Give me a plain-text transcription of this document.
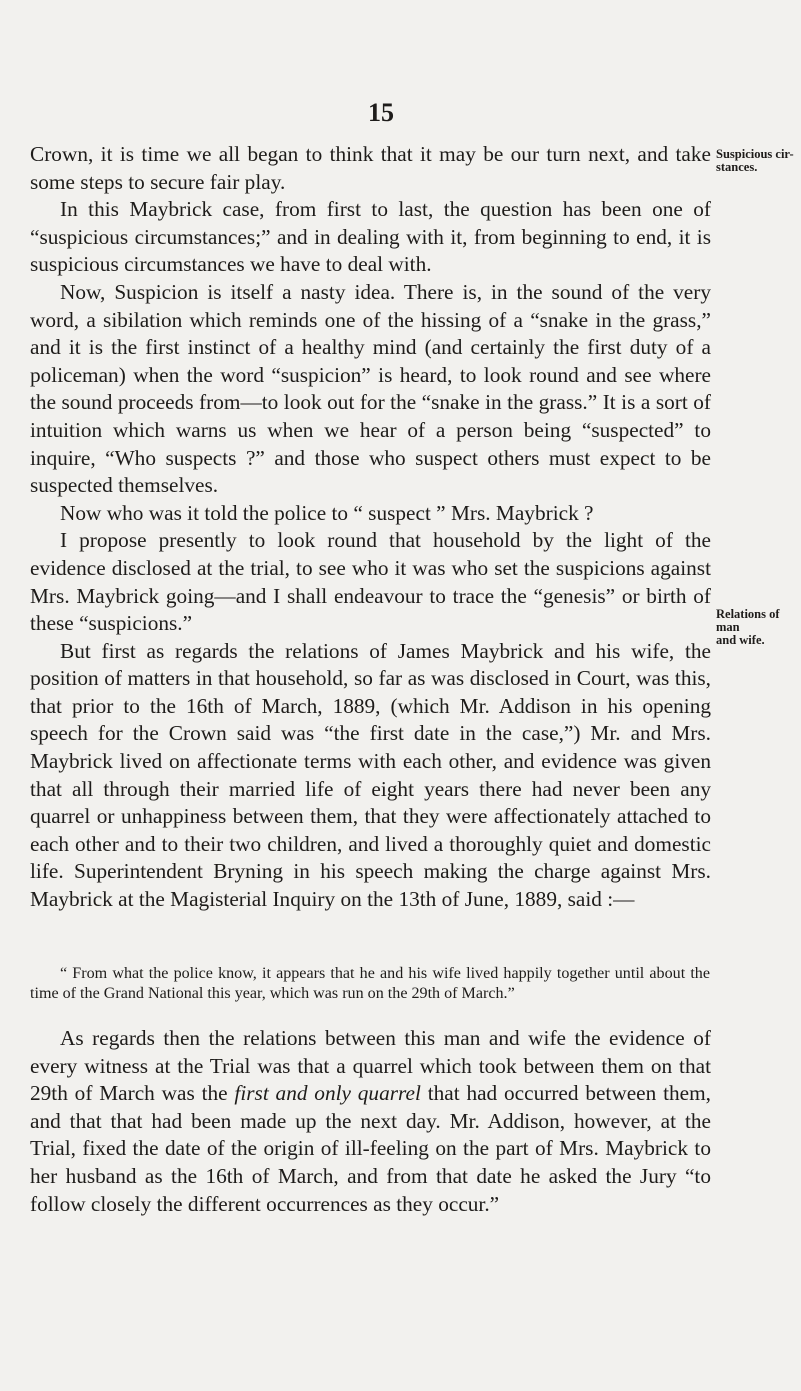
15
Suspicious cir-
stances.
Relations of man
and wife.

Crown, it is time we all began to think that it may be our turn next, and take some steps to secure fair play.

In this Maybrick case, from first to last, the question has been one of “suspicious circumstances;” and in dealing with it, from beginning to end, it is suspicious circumstances we have to deal with.

Now, Suspicion is itself a nasty idea. There is, in the sound of the very word, a sibilation which reminds one of the hissing of a “snake in the grass,” and it is the first instinct of a healthy mind (and certainly the first duty of a policeman) when the word “suspicion” is heard, to look round and see where the sound proceeds from—to look out for the “snake in the grass.” It is a sort of intuition which warns us when we hear of a person being “suspected” to inquire, “Who suspects ?” and those who suspect others must expect to be suspected themselves.

Now who was it told the police to “ suspect ” Mrs. Maybrick ?

I propose presently to look round that household by the light of the evidence disclosed at the trial, to see who it was who set the suspicions against Mrs. Maybrick going—and I shall endeavour to trace the “genesis” or birth of these “suspicions.”

But first as regards the relations of James Maybrick and his wife, the position of matters in that household, so far as was disclosed in Court, was this, that prior to the 16th of March, 1889, (which Mr. Addison in his opening speech for the Crown said was “the first date in the case,”) Mr. and Mrs. Maybrick lived on affectionate terms with each other, and evidence was given that all through their married life of eight years there had never been any quarrel or unhappiness between them, that they were affectionately attached to each other and to their two children, and lived a thoroughly quiet and domestic life. Superintendent Bryning in his speech making the charge against Mrs. Maybrick at the Magisterial Inquiry on the 13th of June, 1889, said :—

“ From what the police know, it appears that he and his wife lived happily together until about the time of the Grand National this year, which was run on the 29th of March.”

As regards then the relations between this man and wife the evidence of every witness at the Trial was that a quarrel which took between them on that 29th of March was the first and only quarrel that had occurred between them, and that that had been made up the next day. Mr. Addison, however, at the Trial, fixed the date of the origin of ill-feeling on the part of Mrs. Maybrick to her husband as the 16th of March, and from that date he asked the Jury “to follow closely the different occurrences as they occur.”
